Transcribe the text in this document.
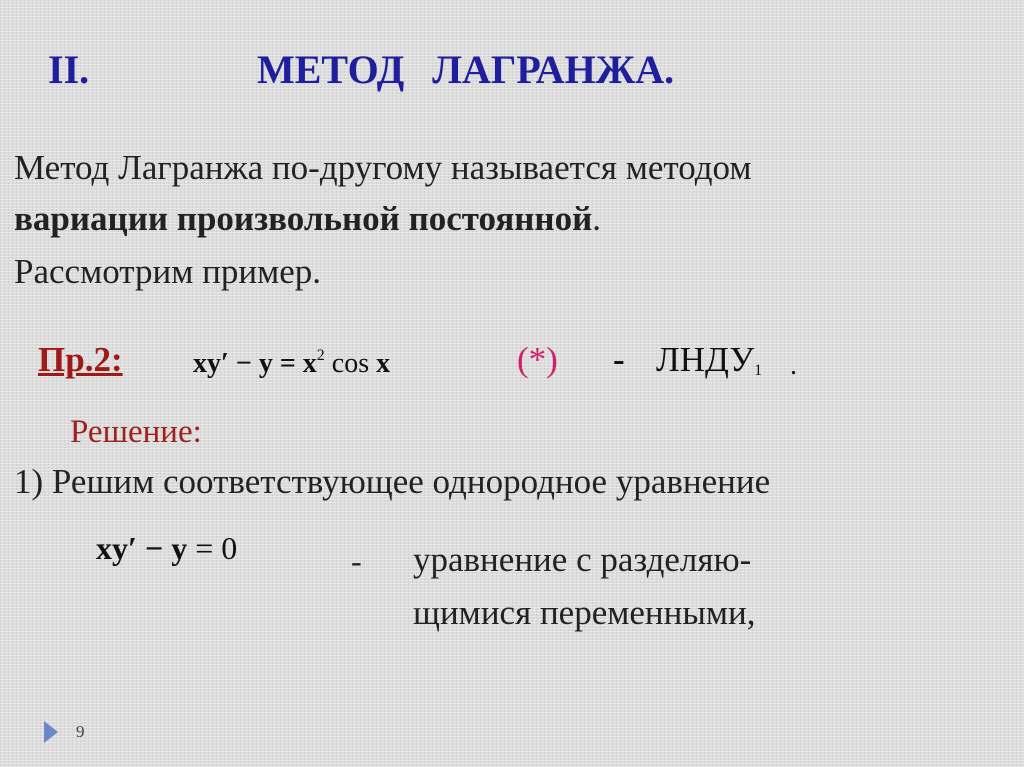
II.	МЕТОД ЛАГРАНЖА.
Метод Лагранжа по-другому называется методом
вариации произвольной постоянной.
Рассмотрим пример.
Пр.2:	$xy' - y = x^2$ cos x	(*) - $ЛНДУ_1$ .
Решение:
1) Решим соответствующее однородное уравнение
xy′ − y = 0	- уравнение с разделяю-
щимися переменными,
9
